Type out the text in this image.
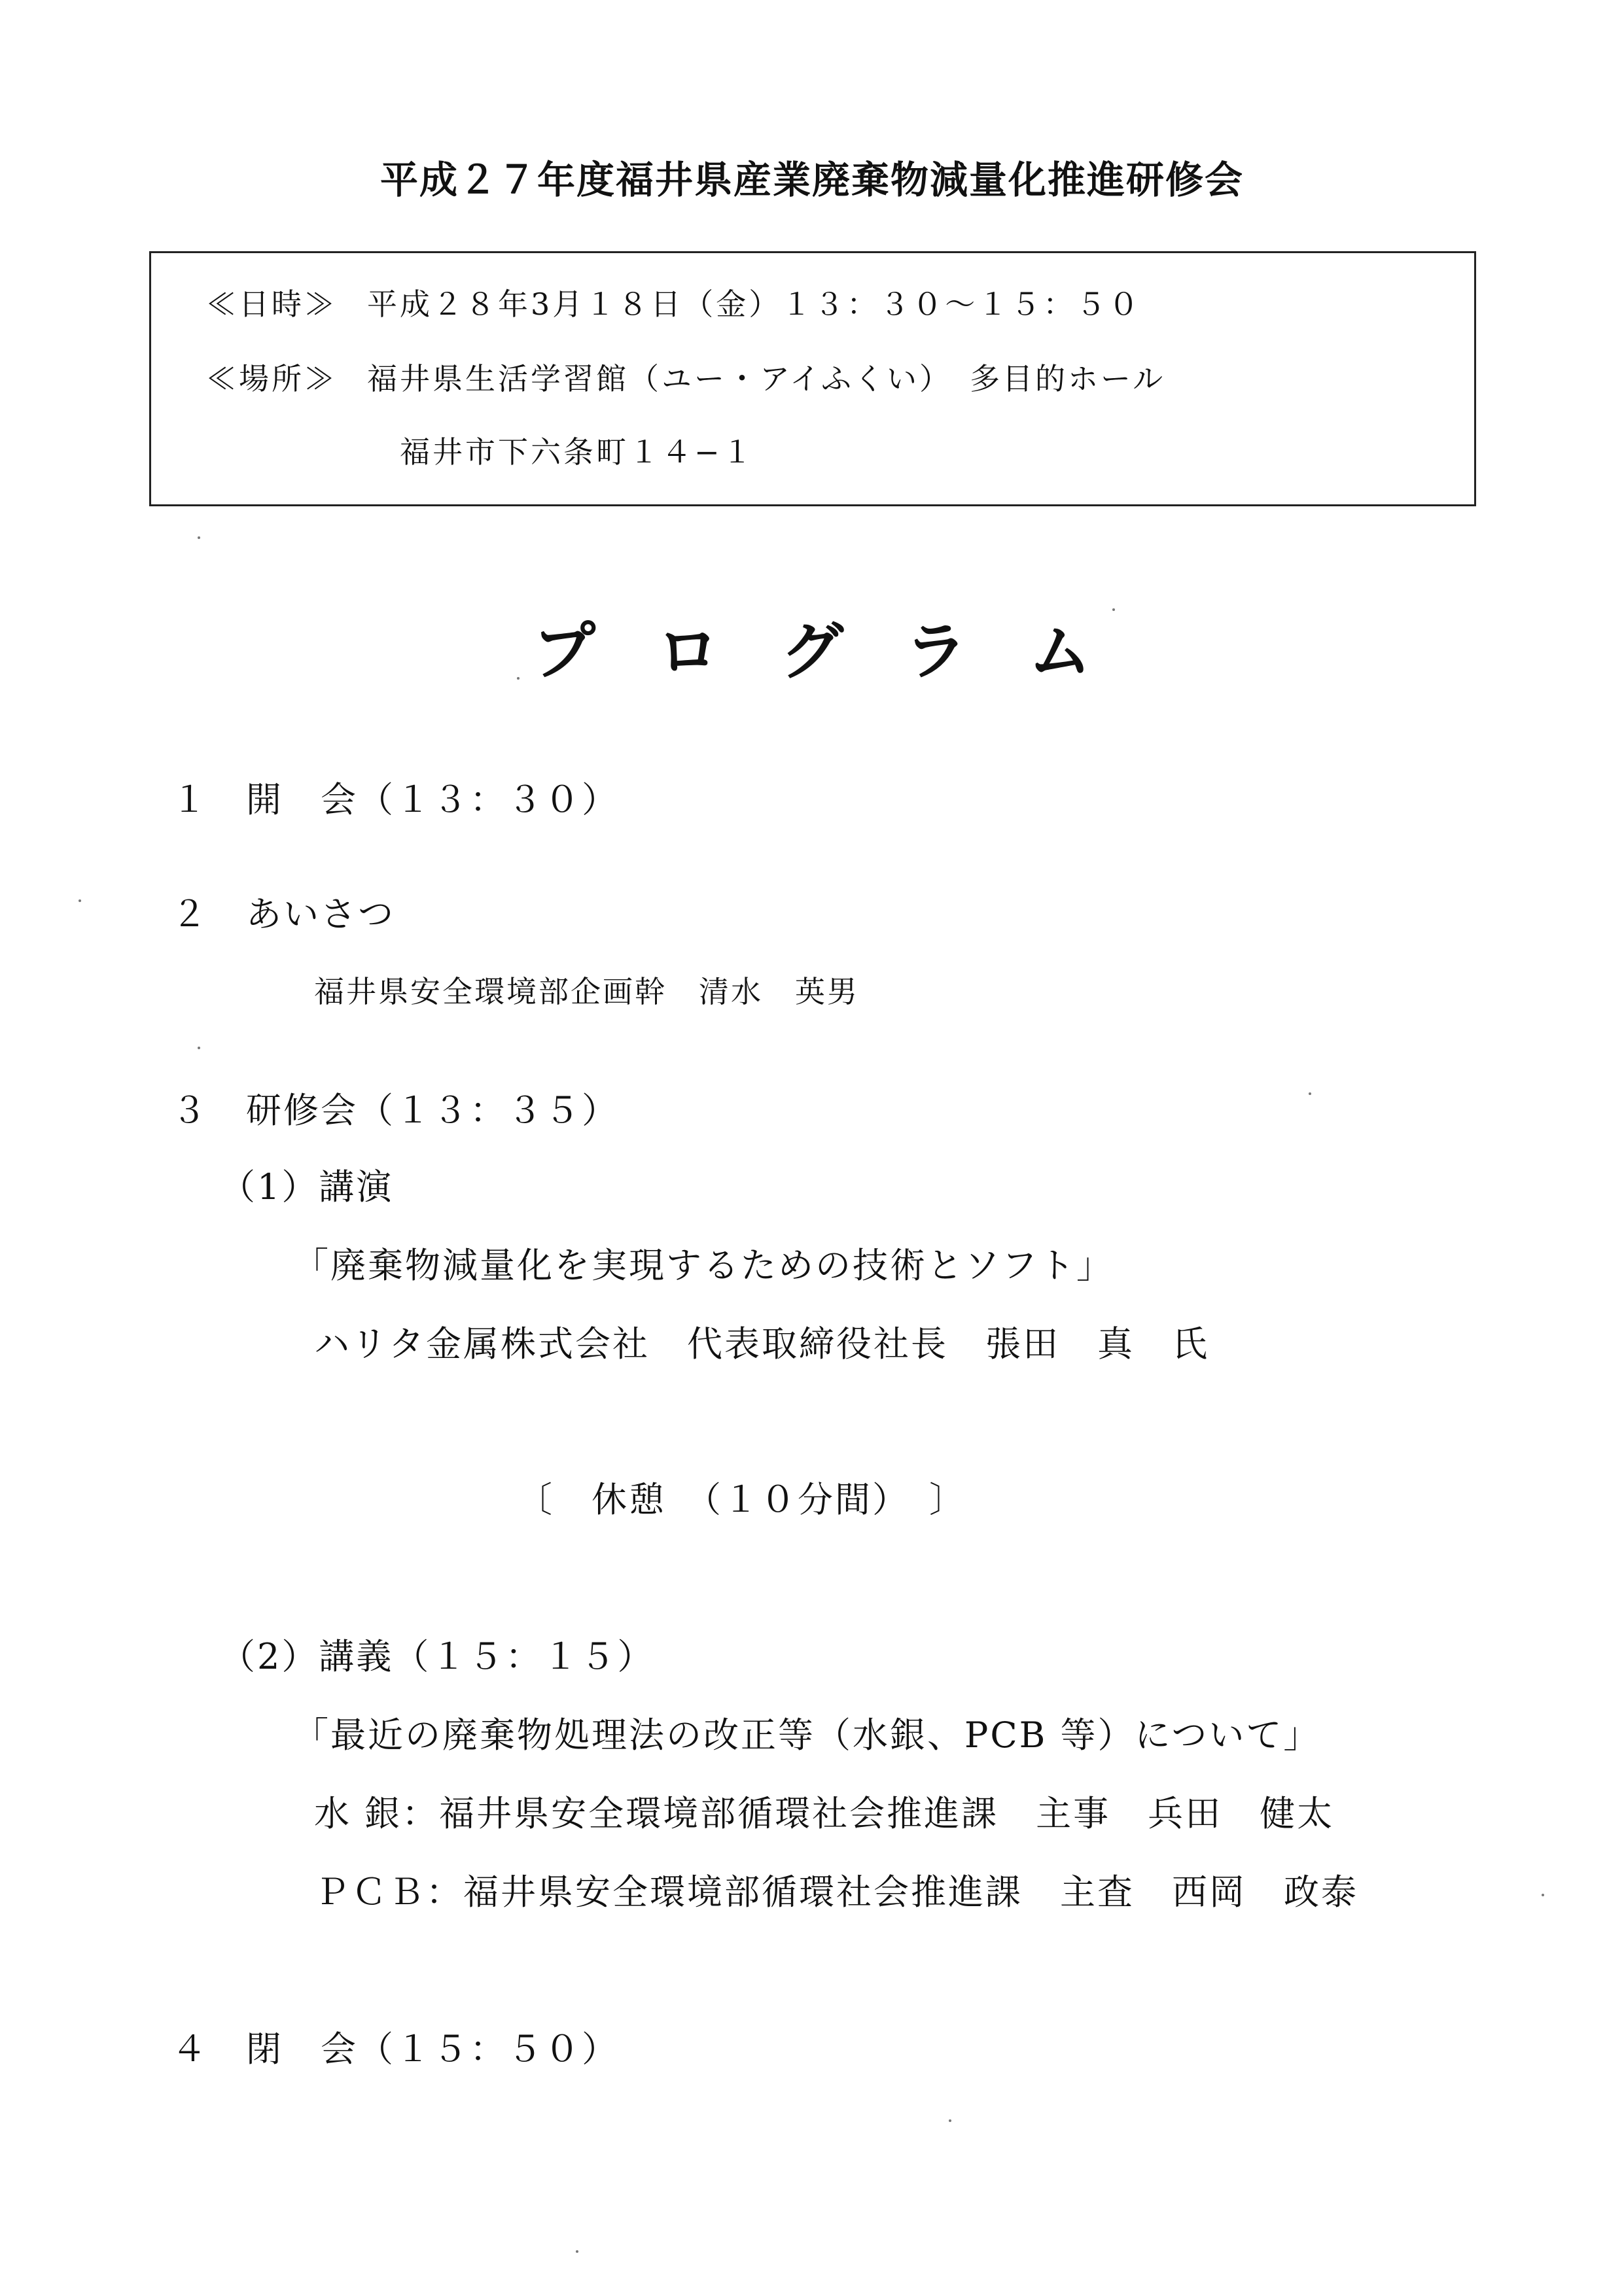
平成２７年度福井県産業廃棄物減量化推進研修会
≪日時≫ 平成２８年3月１８日（金）１３：３０〜１５：５０
≪場所≫ 福井県生活学習館（ユー・アイふくい）　多目的ホール
福井市下六条町１４−１
プ ロ グ ラ ム
１　開　会（１３：３０）
２　あいさつ
福井県安全環境部企画幹　清水　英男
３　研修会（１３：３５）
（1）講演
「廃棄物減量化を実現するための技術とソフト」
ハリタ金属株式会社　代表取締役社長　張田　真　氏
〔　休憩　（１０分間）　〕
（2）講義（１５：１５）
「最近の廃棄物処理法の改正等（水銀、PCB 等）について」
水 銀：福井県安全環境部循環社会推進課　主事　兵田　健太
ＰＣＢ：福井県安全環境部循環社会推進課　主査　西岡　政泰
４　閉　会（１５：５０）
